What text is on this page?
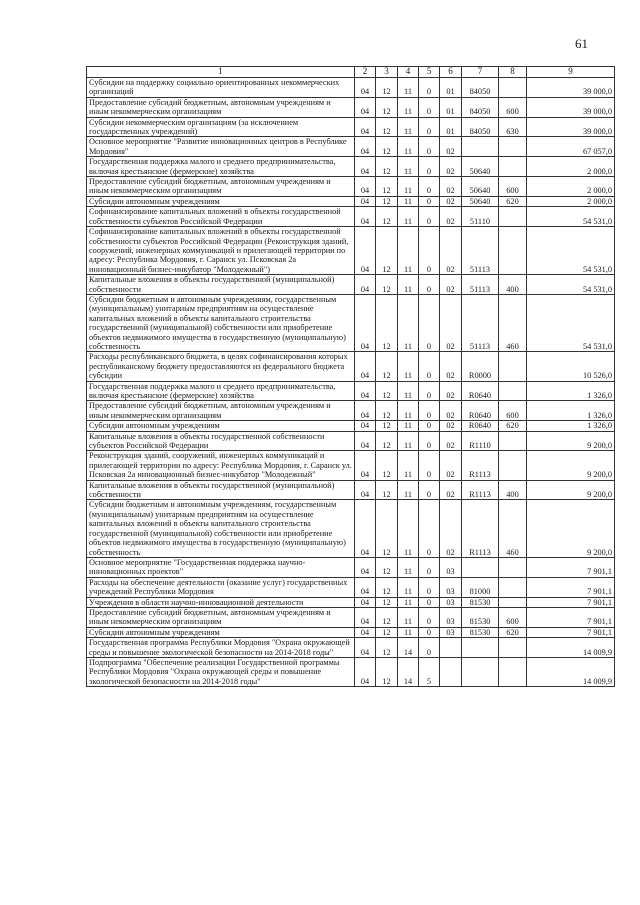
61
1	2	3	4	5	6	7	8	9
Субсидии на поддержку социально ориентированных некоммерческих организаций	04	12	11	0	01	84050		39 000,0
Предоставление субсидий бюджетным, автономным учреждениям и иным некоммерческим организациям	04	12	11	0	01	84050	600	39 000,0
Субсидии некоммерческим организациям (за исключением государственных учреждений)	04	12	11	0	01	84050	630	39 000,0
Основное мероприятие "Развитие инновационных центров в Республике Мордовия"	04	12	11	0	02			67 057,0
Государственная поддержка малого и среднего предпринимательства, включая крестьянские (фермерские) хозяйства	04	12	11	0	02	50640		2 000,0
Предоставление субсидий бюджетным, автономным учреждениям и иным некоммерческим организациям	04	12	11	0	02	50640	600	2 000,0
Субсидии автономным учреждениям	04	12	11	0	02	50640	620	2 000,0
Софинансирование капитальных вложений в объекты государственной собственности субъектов Российской Федерации	04	12	11	0	02	51110		54 531,0
Софинансирование капитальных вложений в объекты государственной собственности субъектов Российской Федерации (Реконструкция зданий, сооружений, инженерных коммуникаций и прилегающей территории по адресу: Республика Мордовия, г. Саранск ул. Псковская 2а инновационный бизнес-инкубатор "Молодежный")	04	12	11	0	02	51113		54 531,0
Капитальные вложения в объекты государственной (муниципальной) собственности	04	12	11	0	02	51113	400	54 531,0
Субсидии бюджетным и автономным учреждениям, государственным (муниципальным) унитарным предприятиям на осуществление капитальных вложений в объекты капитального строительства государственной (муниципальной) собственности или приобретение объектов недвижимого имущества в государственную (муниципальную) собственность	04	12	11	0	02	51113	460	54 531,0
Расходы республиканского бюджета, в целях софинансирования которых республиканскому бюджету предоставляются из федерального бюджета субсидии	04	12	11	0	02	R0000		10 526,0
Государственная поддержка малого и среднего предпринимательства, включая крестьянские (фермерские) хозяйства	04	12	11	0	02	R0640		1 326,0
Предоставление субсидий бюджетным, автономным учреждениям и иным некоммерческим организациям	04	12	11	0	02	R0640	600	1 326,0
Субсидии автономным учреждениям	04	12	11	0	02	R0640	620	1 326,0
Капитальные вложения в объекты государственной собственности субъектов Российской Федерации	04	12	11	0	02	R1110		9 200,0
Реконструкция зданий, сооружений, инженерных коммуникаций и прилегающей территории по адресу: Республика Мордовия, г. Саранск ул. Псковская 2а инновационный бизнес-инкубатор "Молодежный"	04	12	11	0	02	R1113		9 200,0
Капитальные вложения в объекты государственной (муниципальной) собственности	04	12	11	0	02	R1113	400	9 200,0
Субсидии бюджетным и автономным учреждениям, государственным (муниципальным) унитарным предприятиям на осуществление капитальных вложений в объекты капитального строительства государственной (муниципальной) собственности или приобретение объектов недвижимого имущества в государственную (муниципальную) собственность	04	12	11	0	02	R1113	460	9 200,0
Основное мероприятие "Государственная поддержка научно-инновационных проектов"	04	12	11	0	03			7 901,1
Расходы на обеспечение деятельности (оказание услуг) государственных учреждений Республики Мордовия	04	12	11	0	03	81000		7 901,1
Учреждения в области научно-инновационной деятельности	04	12	11	0	03	81530		7 901,1
Предоставление субсидий бюджетным, автономным учреждениям и иным некоммерческим организациям	04	12	11	0	03	81530	600	7 901,1
Субсидии автономным учреждениям	04	12	11	0	03	81530	620	7 901,1
Государственная программа Республики Мордовия "Охрана окружающей среды и повышение экологической безопасности на 2014-2018 годы"	04	12	14	0				14 009,9
Подпрограмма "Обеспечение реализации Государственной программы Республики Мордовия "Охрана окружающей среды и повышение экологической безопасности на 2014-2018 годы"	04	12	14	5				14 009,9
